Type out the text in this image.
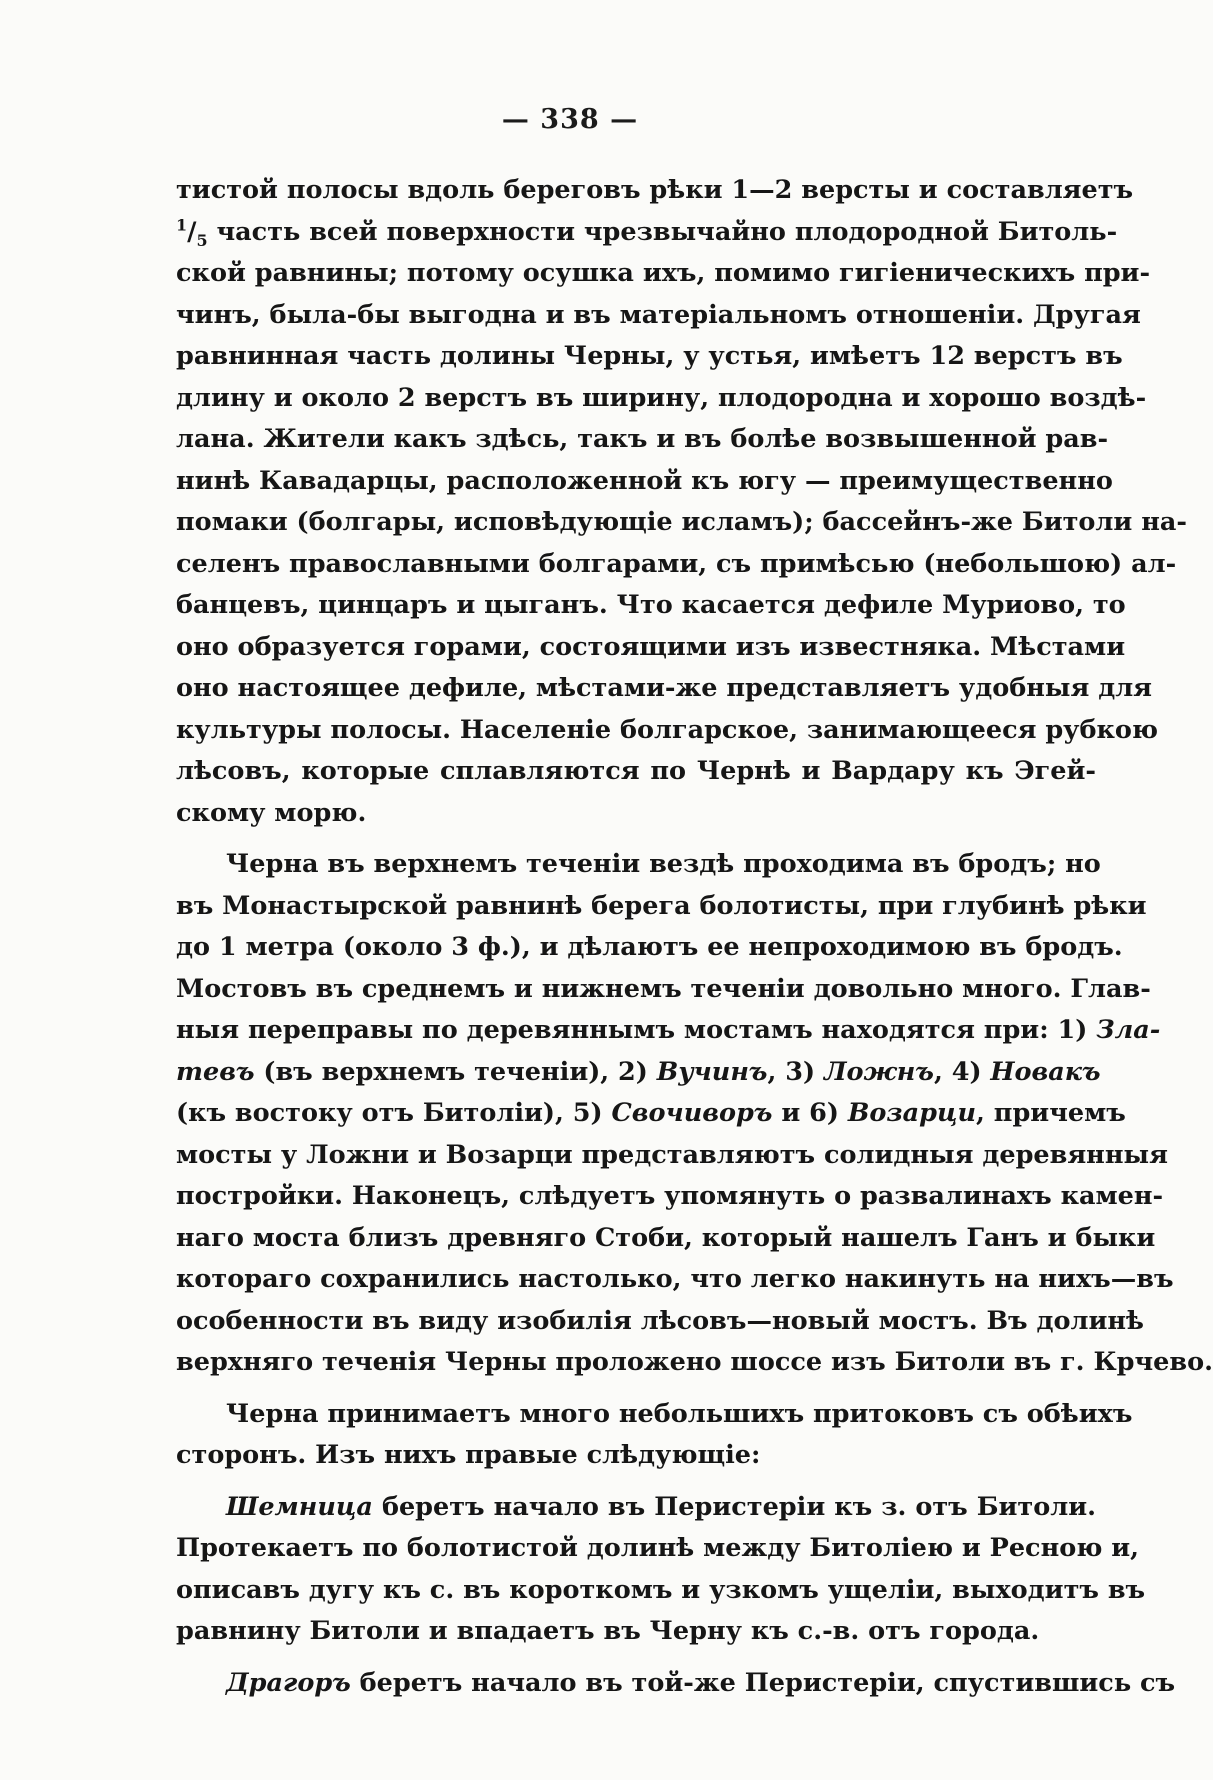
— 338 —
тистой полосы вдоль береговъ рѣки 1—2 версты и составляетъ
$^1/_5$ часть всей поверхности чрезвычайно плодородной Битоль-
ской равнины; потому осушка ихъ, помимо гигіеническихъ при-
чинъ, была-бы выгодна и въ матеріальномъ отношеніи. Другая
равнинная часть долины Черны, у устья, имѣетъ 12 верстъ въ
длину и около 2 верстъ въ ширину, плодородна и хорошо воздѣ-
лана. Жители какъ здѣсь, такъ и въ болѣе возвышенной рав-
нинѣ Кавадарцы, расположенной къ югу — преимущественно
помаки (болгары, исповѣдующіе исламъ); бассейнъ-же Битоли на-
селенъ православными болгарами, съ примѣсью (небольшою) ал-
банцевъ, цинцаръ и цыганъ. Что касается дефиле Муриово, то
оно образуется горами, состоящими изъ известняка. Мѣстами
оно настоящее дефиле, мѣстами-же представляетъ удобныя для
культуры полосы. Населеніе болгарское, занимающееся рубкою
лѣсовъ, которые сплавляются по Чернѣ и Вардару къ Эгей-
скому морю.
Черна въ верхнемъ теченіи вездѣ проходима въ бродъ; но
въ Монастырской равнинѣ берега болотисты, при глубинѣ рѣки
до 1 метра (около 3 ф.), и дѣлаютъ ее непроходимою въ бродъ.
Мостовъ въ среднемъ и нижнемъ теченіи довольно много. Глав-
ныя переправы по деревяннымъ мостамъ находятся при: 1) Зла-
тевъ (въ верхнемъ теченіи), 2) Вучинъ, 3) Ложнъ, 4) Новакъ
(къ востоку отъ Битоліи), 5) Свочиворъ и 6) Возарци, причемъ
мосты у Ложни и Возарци представляютъ солидныя деревянныя
постройки. Наконецъ, слѣдуетъ упомянуть о развалинахъ камен-
наго моста близъ древняго Стоби, который нашелъ Ганъ и быки
котораго сохранились настолько, что легко накинуть на нихъ—въ
особенности въ виду изобилія лѣсовъ—новый мостъ. Въ долинѣ
верхняго теченія Черны проложено шоссе изъ Битоли въ г. Крчево.
Черна принимаетъ много небольшихъ притоковъ съ обѣихъ
сторонъ. Изъ нихъ правые слѣдующіе:
Шемница беретъ начало въ Перистеріи къ з. отъ Битоли.
Протекаетъ по болотистой долинѣ между Битоліею и Ресною и,
описавъ дугу къ с. въ короткомъ и узкомъ ущеліи, выходитъ въ
равнину Битоли и впадаетъ въ Черну къ с.-в. отъ города.
Драгоръ беретъ начало въ той-же Перистеріи, спустившись съ
